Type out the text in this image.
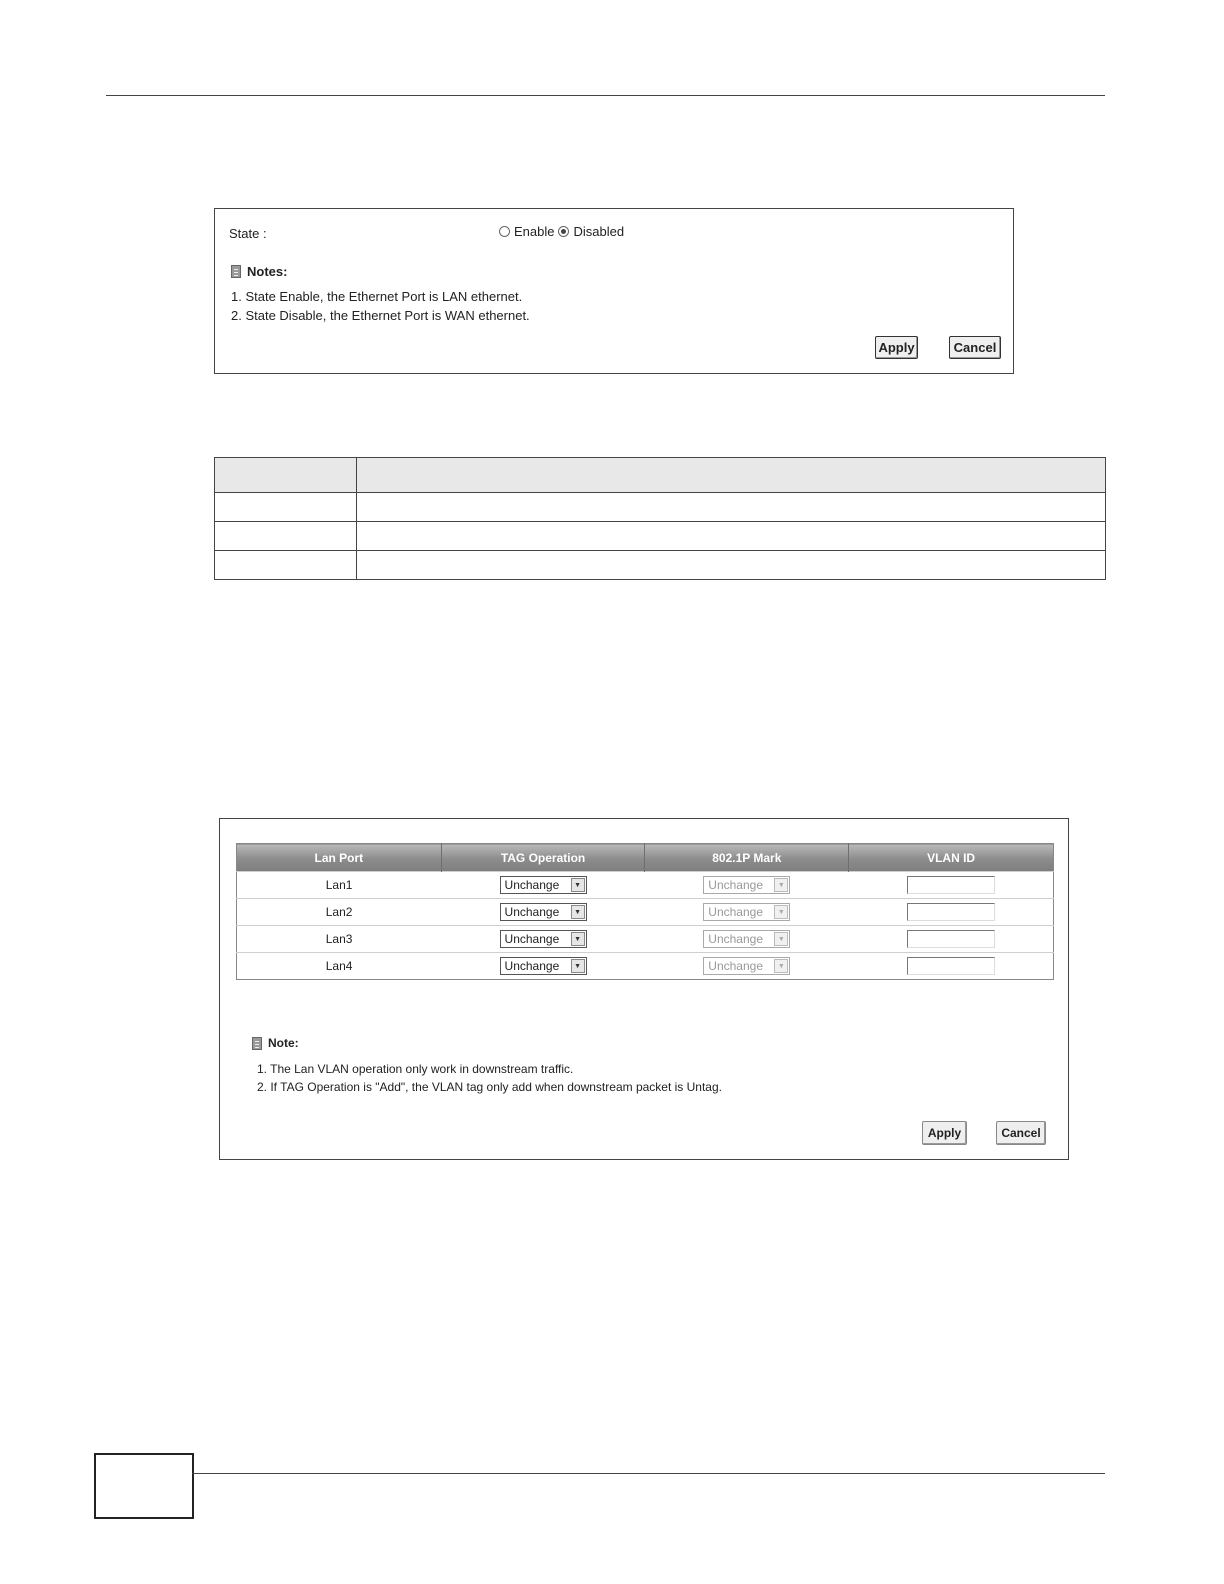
State :	Enable Disabled
Notes:
1. State Enable, the Ethernet Port is LAN ethernet.
2. State Disable, the Ethernet Port is WAN ethernet.
Apply	Cancel

Lan Port	TAG Operation	802.1P Mark	VLAN ID
Lan1	Unchange ▼	Unchange ▼

Lan2	Unchange ▼	Unchange ▼

Lan3	Unchange ▼	Unchange ▼

Lan4	Unchange ▼	Unchange ▼

Note:
1. The Lan VLAN operation only work in downstream traffic.
2. If TAG Operation is "Add", the VLAN tag only add when downstream packet is Untag.
Apply	Cancel
